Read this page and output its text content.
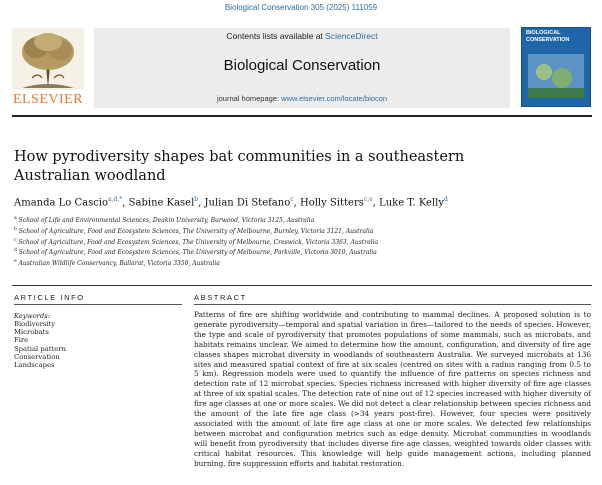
Biological Conservation 305 (2025) 111059
ELSEVIER
Contents lists available at ScienceDirect
Biological Conservation
journal homepage: www.elsevier.com/locate/biocon
BIOLOGICAL CONSERVATION
How pyrodiversity shapes bat communities in a southeastern Australian woodland
Amanda Lo Cascio$^{a,d,*}$, Sabine Kasel$^b$, Julian Di Stefano$^c$, Holly Sitters$^{c,e}$, Luke T. Kelly$^d$
$^a$ School of Life and Environmental Sciences, Deakin University, Burwood, Victoria 3125, Australia
$^b$ School of Agriculture, Food and Ecosystem Sciences, The University of Melbourne, Burnley, Victoria 3121, Australia
$^c$ School of Agriculture, Food and Ecosystem Sciences, The University of Melbourne, Creswick, Victoria 3363, Australia
$^d$ School of Agriculture, Food and Ecosystem Sciences, The University of Melbourne, Parkville, Victoria 3010, Australia
$^e$ Australian Wildlife Conservancy, Ballarat, Victoria 3350, Australia
ARTICLE INFO	ABSTRACT
Keywords:
Biodiversity
Microbats
Fire
Spatial pattern
Conservation
Landscapes
Patterns of fire are shifting worldwide and contributing to mammal declines. A proposed solution is to generate pyrodiversity—temporal and spatial variation in fires—tailored to the needs of species. However, the type and scale of pyrodiversity that promotes populations of some mammals, such as microbats, and habitats remains unclear. We aimed to determine how the amount, configuration, and diversity of fire age classes shapes microbat diversity in woodlands of southeastern Australia. We surveyed microbats at 136 sites and measured spatial context of fire at six scales (centred on sites with a radius ranging from 0.5 to 5 km). Regression models were used to quantify the influence of fire patterns on species richness and detection rate of 12 microbat species. Species richness increased with higher diversity of fire age classes at three of six spatial scales. The detection rate of nine out of 12 species increased with higher diversity of fire age classes at one or more scales. We did not detect a clear relationship between species richness and the amount of the late fire age class (>34 years post-fire). However, four species were positively associated with the amount of late fire age class at one or more scales. We detected few relationships between microbat and configuration metrics such as edge density. Microbat communities in woodlands will benefit from pyrodiversity that includes diverse fire age classes, weighted towards older classes with critical habitat resources. This knowledge will help guide management actions, including planned burning, fire suppression efforts and habitat restoration.
